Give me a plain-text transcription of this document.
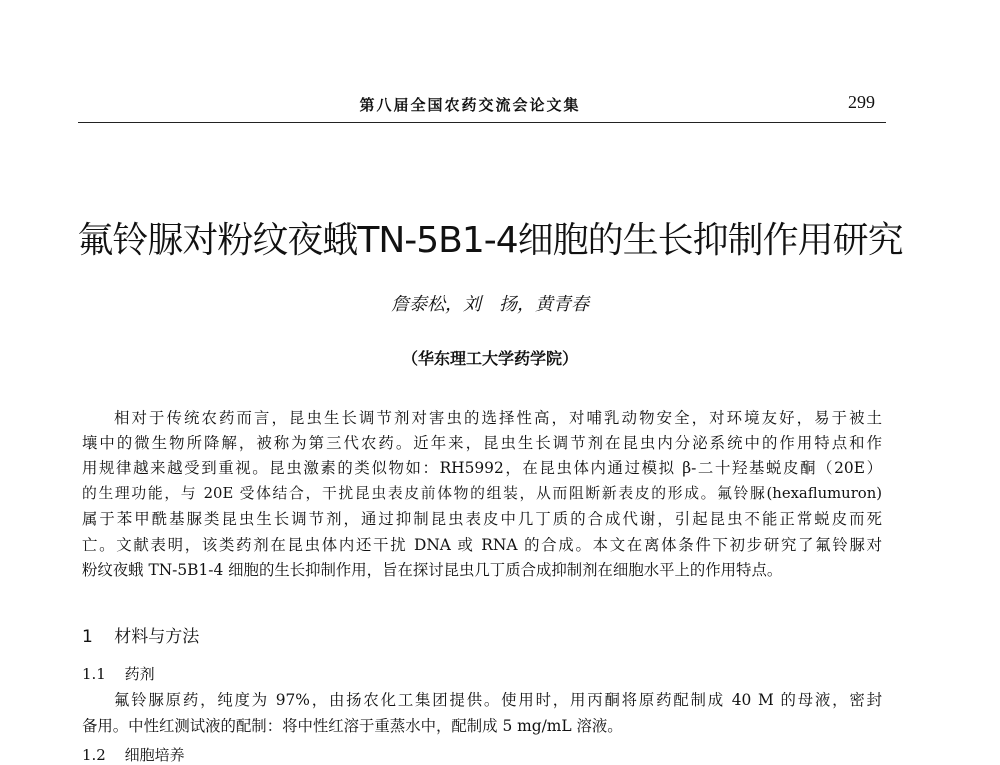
第八届全国农药交流会论文集	299
氟铃脲对粉纹夜蛾TN-5B1-4细胞的生长抑制作用研究
詹泰松，刘　扬，黄青春
（华东理工大学药学院）
相对于传统农药而言，昆虫生长调节剂对害虫的选择性高，对哺乳动物安全，对环境友好，易于被土
壤中的微生物所降解，被称为第三代农药。近年来，昆虫生长调节剂在昆虫内分泌系统中的作用特点和作
用规律越来越受到重视。昆虫激素的类似物如：RH5992，在昆虫体内通过模拟 β-二十羟基蜕皮酮（20E）
的生理功能，与 20E 受体结合，干扰昆虫表皮前体物的组装，从而阻断新表皮的形成。氟铃脲(hexaflumuron)
属于苯甲酰基脲类昆虫生长调节剂，通过抑制昆虫表皮中几丁质的合成代谢，引起昆虫不能正常蜕皮而死
亡。文献表明，该类药剂在昆虫体内还干扰 DNA 或 RNA 的合成。本文在离体条件下初步研究了氟铃脲对
粉纹夜蛾 TN-5B1-4 细胞的生长抑制作用，旨在探讨昆虫几丁质合成抑制剂在细胞水平上的作用特点。
1 材料与方法
1.1 药剂
氟铃脲原药，纯度为 97%，由扬农化工集团提供。使用时，用丙酮将原药配制成 40 M 的母液，密封
备用。中性红测试液的配制：将中性红溶于重蒸水中，配制成 5 mg/mL 溶液。
1.2 细胞培养
